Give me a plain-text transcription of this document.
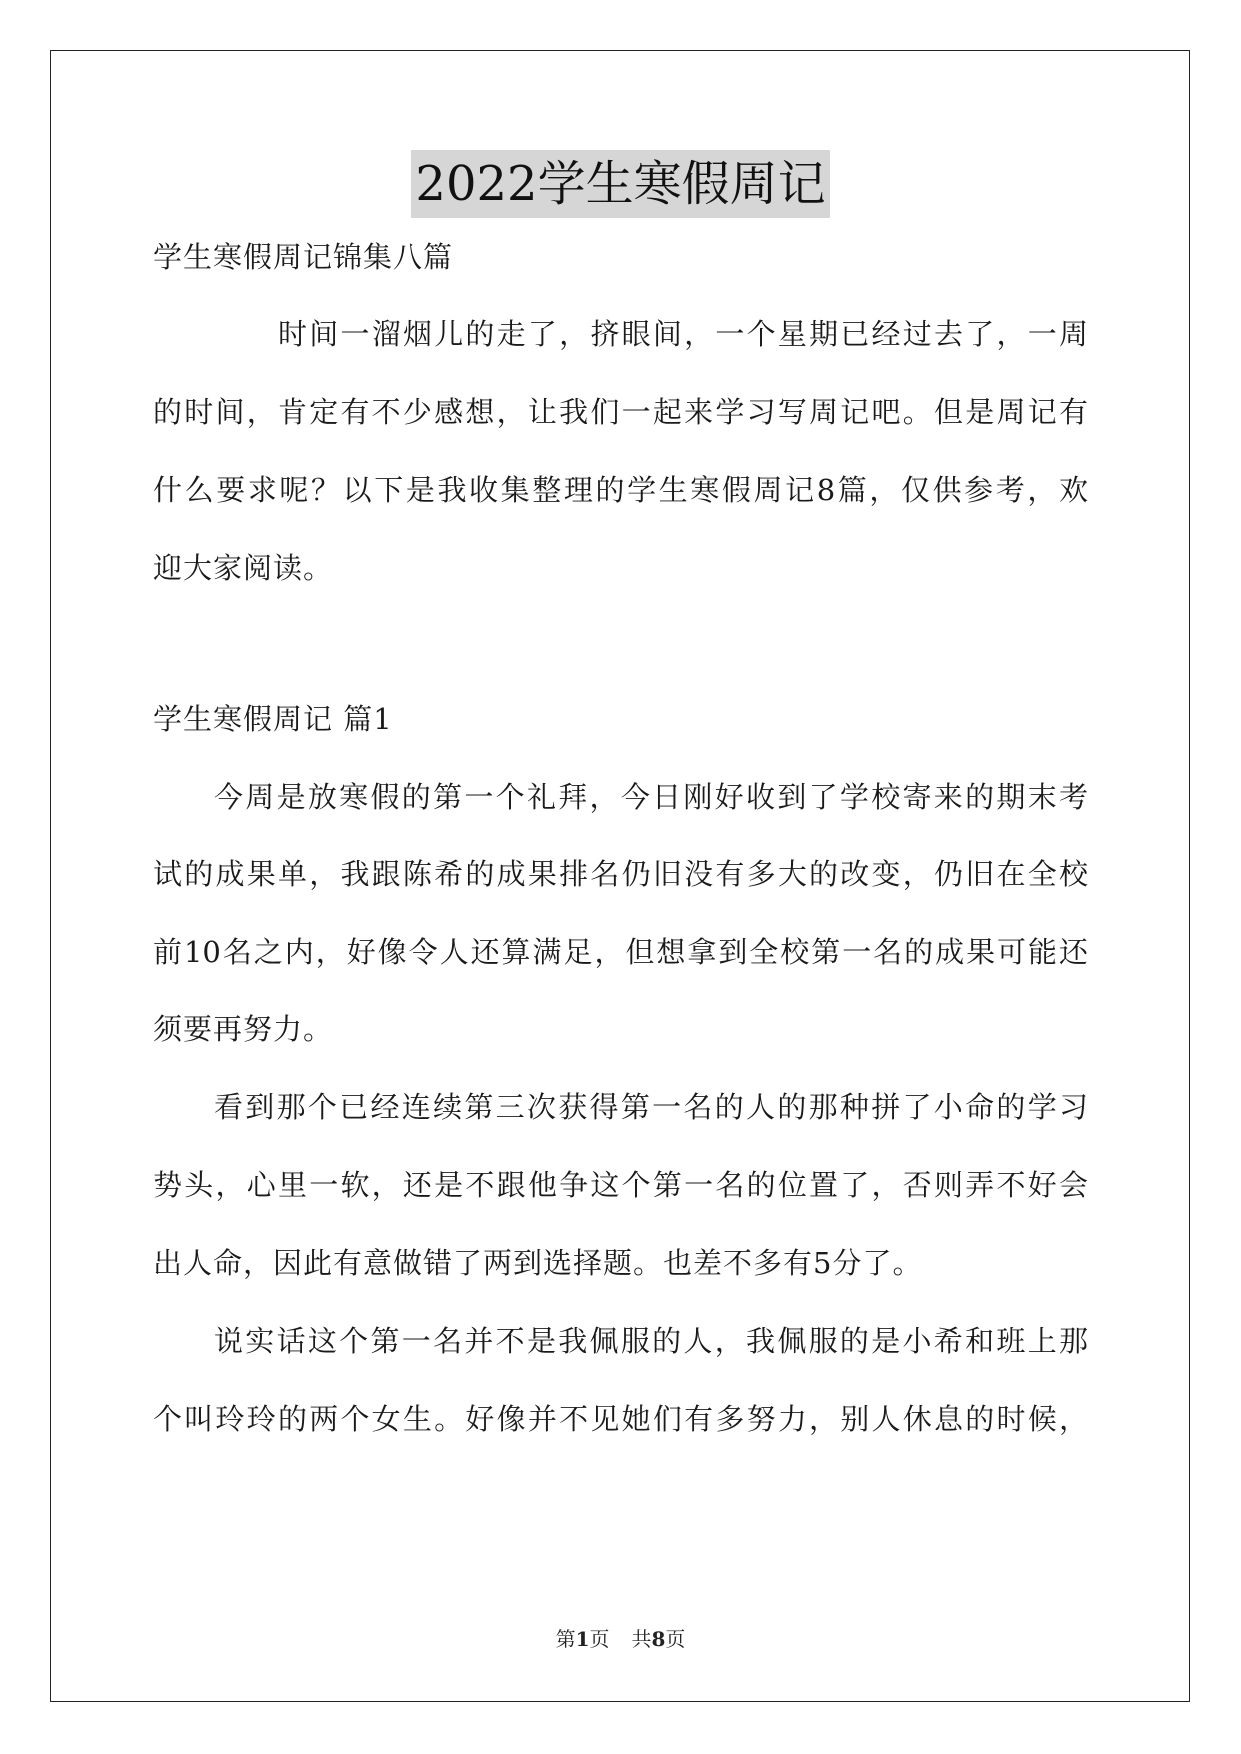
2022学生寒假周记
学生寒假周记锦集八篇
时间一溜烟儿的走了，挤眼间，一个星期已经过去了，一周
的时间，肯定有不少感想，让我们一起来学习写周记吧。但是周记有
什么要求呢？以下是我收集整理的学生寒假周记8篇，仅供参考，欢
迎大家阅读。
学生寒假周记 篇1
今周是放寒假的第一个礼拜，今日刚好收到了学校寄来的期末考
试的成果单，我跟陈希的成果排名仍旧没有多大的改变，仍旧在全校
前10名之内，好像令人还算满足，但想拿到全校第一名的成果可能还
须要再努力。
看到那个已经连续第三次获得第一名的人的那种拼了小命的学习
势头，心里一软，还是不跟他争这个第一名的位置了，否则弄不好会
出人命，因此有意做错了两到选择题。也差不多有5分了。
说实话这个第一名并不是我佩服的人，我佩服的是小希和班上那
个叫玲玲的两个女生。好像并不见她们有多努力，别人休息的时候，
第1页 共8页
